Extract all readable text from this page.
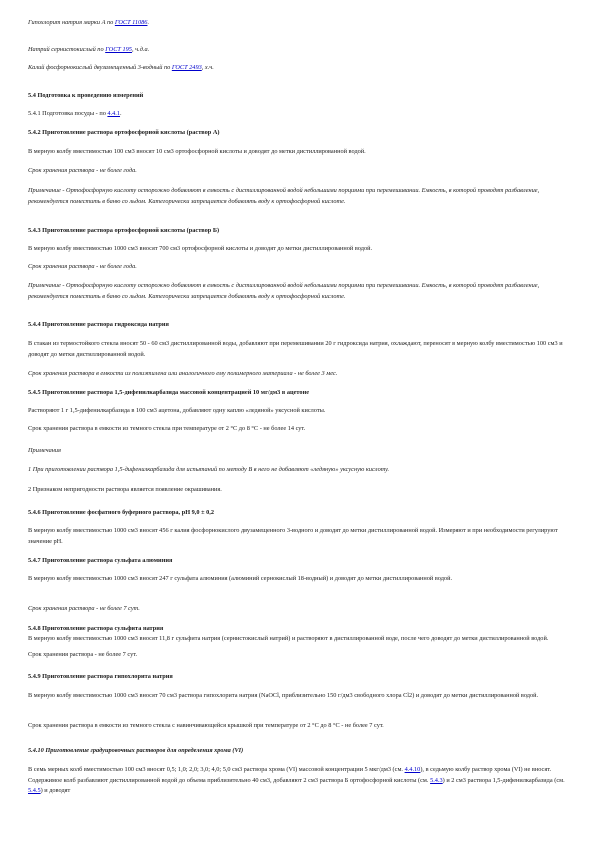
Гипохлорит натрия марки А по ГОСТ 11086.
Натрий сернистокислый по ГОСТ 195, ч.д.а.
Калий фосфорнокислый двузамещенный 3-водный по ГОСТ 2493, х.ч.
5.4 Подготовка к проведению измерений
5.4.1 Подготовка посуды - по 4.4.1.
5.4.2 Приготовление раствора ортофосфорной кислоты (раствор А)
В мерную колбу вместимостью 100 см3 вносят 10 см3 ортофосфорной кислоты и доводят до метки дистиллированной водой.
Срок хранения раствора - не более года.
Примечание - Ортофосфорную кислоту осторожно добавляют в емкость с дистиллированной водой небольшими порциями при перемешивании. Емкость, в которой проводят разбавление, рекомендуется поместить в баню со льдом. Категорически запрещается добавлять воду к ортофосфорной кислоте.
5.4.3 Приготовление раствора ортофосфорной кислоты (раствор Б)
В мерную колбу вместимостью 1000 см3 вносят 700 см3 ортофосфорной кислоты и доводят до метки дистиллированной водой.
Срок хранения раствора - не более года.
Примечание - Ортофосфорную кислоту осторожно добавляют в емкость с дистиллированной водой небольшими порциями при перемешивании. Емкость, в которой проводят разбавление, рекомендуется поместить в баню со льдом. Категорически запрещается добавлять воду к ортофосфорной кислоте.
5.4.4 Приготовление раствора гидроксида натрия
В стакан из термостойкого стекла вносят 50 - 60 см3 дистиллированной воды, добавляют при перемешивании 20 г гидроксида натрия, охлаждают, переносят в мерную колбу вместимостью 100 см3 и доводят до метки дистиллированной водой.
Срок хранения раствора в емкости из полиэтилена или аналогичного ему полимерного материала - не более 3 мес.
5.4.5 Приготовление раствора 1,5-дифенилкарбазида массовой концентрацией 10 мг/дм3 в ацетоне
Растворяют 1 г 1,5-дифенилкарбазида в 100 см3 ацетона, добавляют одну каплю «ледяной» уксусной кислоты.
Срок хранения раствора в емкости из темного стекла при температуре от 2 °С до 8 °С - не более 14 сут.
Примечания
1 При приготовлении раствора 1,5-дифенилкарбазида для испытаний по методу В в него не добавляют «ледяную» уксусную кислоту.
2 Признаком непригодности раствора является появление окрашивания.
5.4.6 Приготовление фосфатного буферного раствора, pH 9,0 ± 0,2
В мерную колбу вместимостью 1000 см3 вносят 456 г калия фосфорнокислого двузамещенного 3-водного и доводят до метки дистиллированной водой. Измеряют и при необходимости регулируют значение pH.
5.4.7 Приготовление раствора сульфата алюминия
В мерную колбу вместимостью 1000 см3 вносят 247 г сульфата алюминия (алюминий сернокислый 18-водный) и доводят до метки дистиллированной водой.
Срок хранения раствора - не более 7 сут.
5.4.8 Приготовление раствора сульфита натрия
В мерную колбу вместимостью 1000 см3 вносят 11,8 г сульфита натрия (сернистокислый натрий) и растворяют в дистиллированной воде, после чего доводят до метки дистиллированной водой.
Срок хранения раствора - не более 7 сут.
5.4.9 Приготовление раствора гипохлорита натрия
В мерную колбу вместимостью 1000 см3 вносят 70 см3 раствора гипохлорита натрия (NaOCl, приблизительно 150 г/дм3 свободного хлора Cl2) и доводят до метки дистиллированной водой.
Срок хранения раствора в емкости из темного стекла с навинчивающейся крышкой при температуре от 2 °С до 8 °С - не более 7 сут.
5.4.10 Приготовление градуировочных растворов для определения хрома (VI)
В семь мерных колб вместимостью 100 см3 вносят 0,5; 1,0; 2,0; 3,0; 4,0; 5,0 см3 раствора хрома (VI) массовой концентрации 5 мкг/дм3 (см. 4.4.10), в седьмую колбу раствор хрома (VI) не вносят. Содержимое колб разбавляют дистиллированной водой до объема приблизительно 40 см3, добавляют 2 см3 раствора Б ортофосфорной кислоты (см. 5.4.3) и 2 см3 раствора 1,5-дифенилкарбазида (см. 5.4.5) и доводят
